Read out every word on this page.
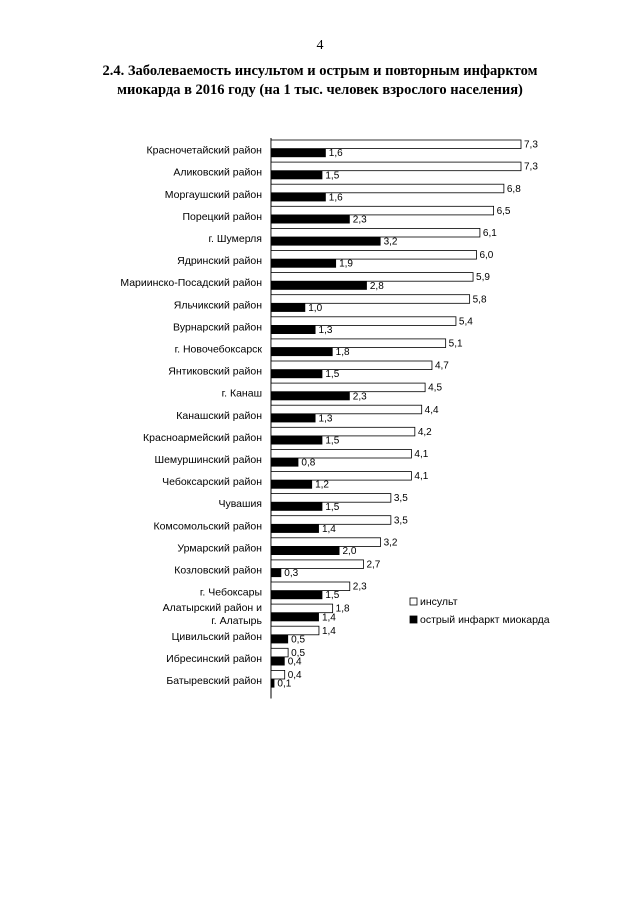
4
2.4. Заболеваемость инсультом и острым и повторным инфарктом
миокарда в 2016 году (на 1 тыс. человек взрослого населения)
Красночетайский район	7,3
1,6
Аликовский район	7,3
1,5
Моргаушский район	6,8
1,6
Порецкий район	6,5
2,3
г. Шумерля	6,1
3,2
Ядринский район	6,0
1,9
Мариинско-Посадский район	5,9
2,8
Яльчикский район	5,8
1,0
Вурнарский район	5,4
1,3
г. Новочебоксарск	5,1
1,8
Янтиковский район	4,7
1,5
г. Канаш	4,5
2,3
Канашский район	4,4
1,3
Красноармейский район	4,2
1,5
Шемуршинский район	4,1
0,8
Чебоксарский район	4,1
1,2
Чувашия	3,5
1,5
Комсомольский район	3,5
1,4
Урмарский район	3,2
2,0
Козловский район	2,7
0,3
г. Чебоксары	2,3
1,5
Алатырский район и
г. Алатырь
1,8
1,4
Цивильский район	1,4
0,5
Ибресинский район	0,5
0,4
Батыревский район	0,4
0,1
инсульт
острый инфаркт миокарда
